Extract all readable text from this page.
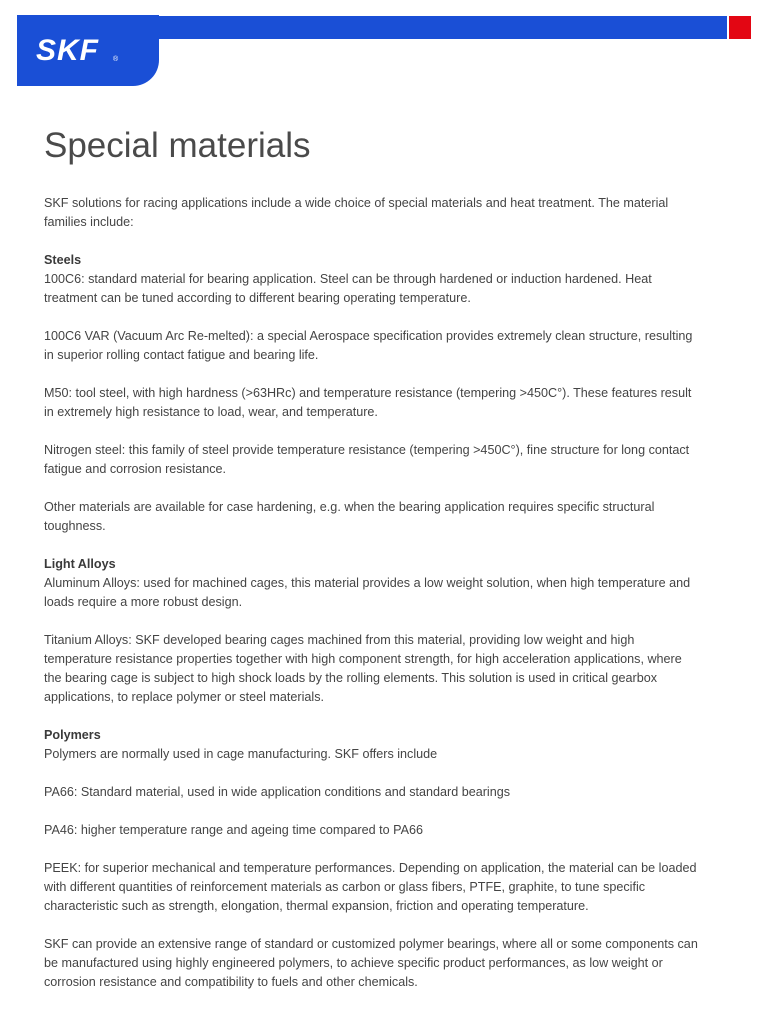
SKF ®
Special materials

SKF solutions for racing applications include a wide choice of special materials and heat treatment. The material families include:

Steels

100C6: standard material for bearing application. Steel can be through hardened or induction hardened. Heat treatment can be tuned according to different bearing operating temperature.

100C6 VAR (Vacuum Arc Re-melted): a special Aerospace specification provides extremely clean structure, resulting in superior rolling contact fatigue and bearing life.

M50: tool steel, with high hardness (>63HRc) and temperature resistance (tempering >450C°). These features result in extremely high resistance to load, wear, and temperature.

Nitrogen steel: this family of steel provide temperature resistance (tempering >450C°), fine structure for long contact fatigue and corrosion resistance.

Other materials are available for case hardening, e.g. when the bearing application requires specific structural toughness.

Light Alloys

Aluminum Alloys: used for machined cages, this material provides a low weight solution, when high temperature and loads require a more robust design.

Titanium Alloys: SKF developed bearing cages machined from this material, providing low weight and high temperature resistance properties together with high component strength, for high acceleration applications, where the bearing cage is subject to high shock loads by the rolling elements. This solution is used in critical gearbox applications, to replace polymer or steel materials.

Polymers

Polymers are normally used in cage manufacturing. SKF offers include

PA66: Standard material, used in wide application conditions and standard bearings

PA46: higher temperature range and ageing time compared to PA66

PEEK: for superior mechanical and temperature performances. Depending on application, the material can be loaded with different quantities of reinforcement materials as carbon or glass fibers, PTFE, graphite, to tune specific characteristic such as strength, elongation, thermal expansion, friction and operating temperature.

SKF can provide an extensive range of standard or customized polymer bearings, where all or some components can be manufactured using highly engineered polymers, to achieve specific product performances, as low weight or corrosion resistance and compatibility to fuels and other chemicals.
